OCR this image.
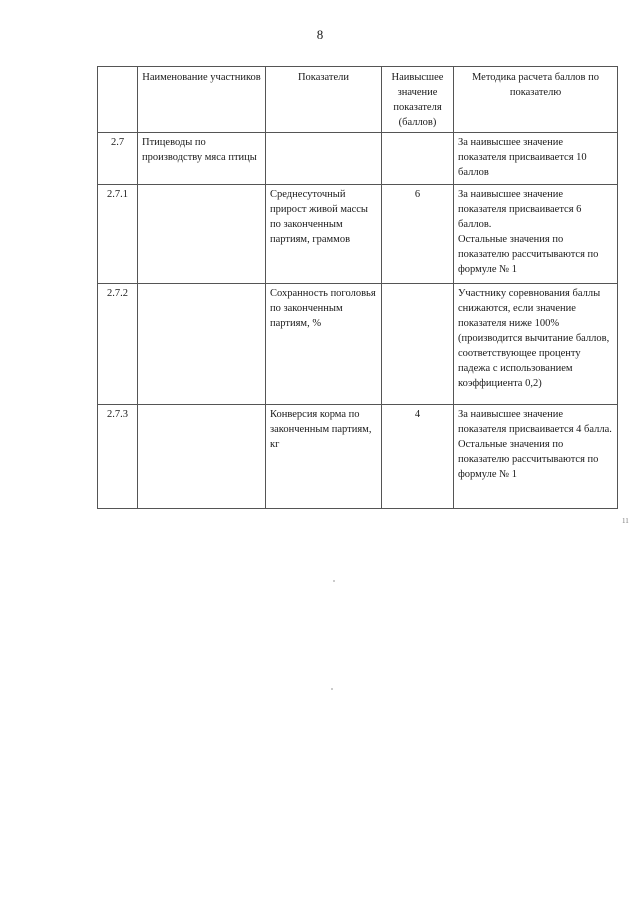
8
	Наименование участников	Показатели	Наивысшее значение показателя (баллов)	Методика расчета баллов по показателю
2.7	Птицеводы по производству мяса птицы			За наивысшее значение показателя присваивается 10 баллов
2.7.1		Среднесуточный прирост живой массы по законченным партиям, граммов	6	За наивысшее значение показателя присваивается 6 баллов.
Остальные значения по показателю рассчитываются по формуле № 1

2.7.2		Сохранность поголовья по законченным партиям, %		Участнику соревнования баллы снижаются, если значение показателя ниже 100% (производится вычитание баллов, соответствующее проценту падежа с использованием коэффициента 0,2)
2.7.3		Конверсия корма по законченным партиям, кг	4	За наивысшее значение показателя присваивается 4 балла.
Остальные значения по показателю рассчитываются по формуле № 1
11
